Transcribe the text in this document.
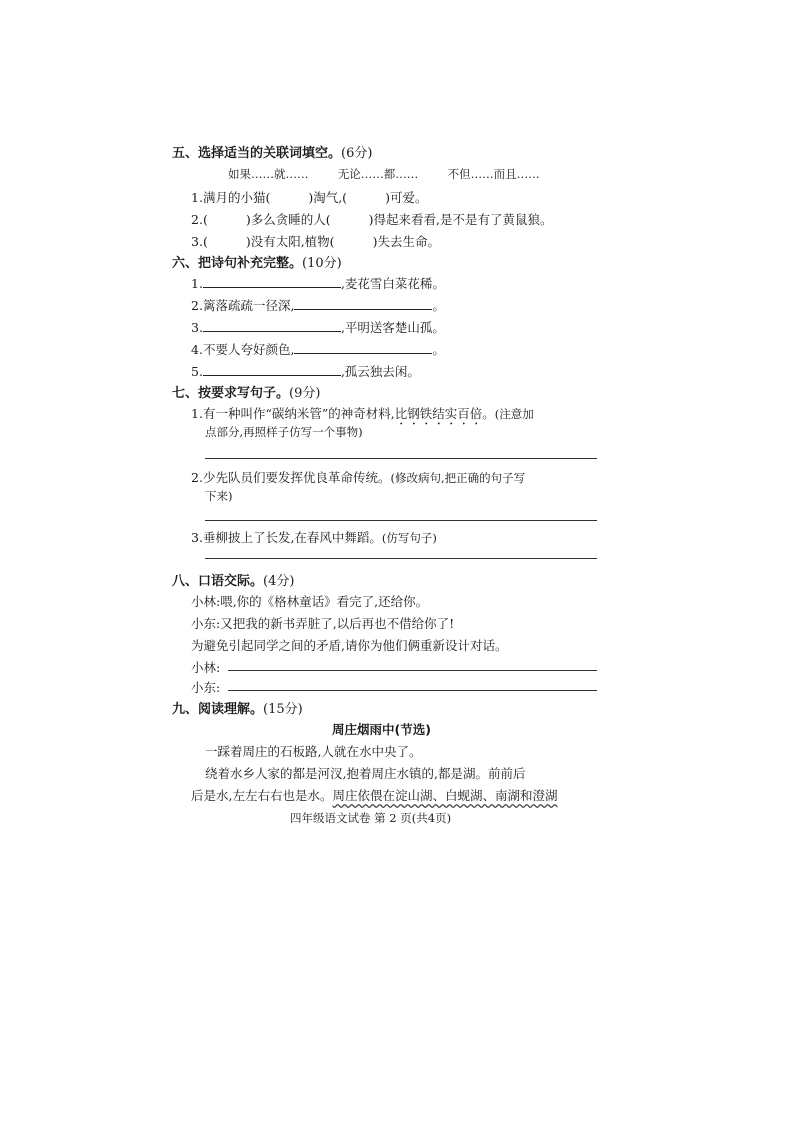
五、选择适当的关联词填空。(6分)
如果……就……	无论……都……	不但……而且……
1.满月的小猫(	)淘气,(	)可爱。
2.(	)多么贪睡的人(	)得起来看看,是不是有了黄鼠狼。
3.(	)没有太阳,植物(	)失去生命。
六、把诗句补充完整。(10分)
1.	,麦花雪白菜花稀。
2.篱落疏疏一径深,	。
3.	,平明送客楚山孤。
4.不要人夸好颜色,	。
5.	,孤云独去闲。
七、按要求写句子。(9分)
1.有一种叫作“碳纳米管”的神奇材料,比钢铁结实百倍。(注意加
点部分,再照样子仿写一个事物)
2.少先队员们要发挥优良革命传统。(修改病句,把正确的句子写
下来)
3.垂柳披上了长发,在春风中舞蹈。(仿写句子)
八、口语交际。(4分)
小林:喂,你的《格林童话》看完了,还给你。
小东:又把我的新书弄脏了,以后再也不借给你了!
为避免引起同学之间的矛盾,请你为他们俩重新设计对话。
小林:
小东:
九、阅读理解。(15分)
周庄烟雨中(节选)
一踩着周庄的石板路,人就在水中央了。
绕着水乡人家的都是河汊,抱着周庄水镇的,都是湖。前前后
后是水,左左右右也是水。周庄依偎在淀山湖、白蚬湖、南湖和澄湖
四年级语文试卷 第 2 页(共4页)
